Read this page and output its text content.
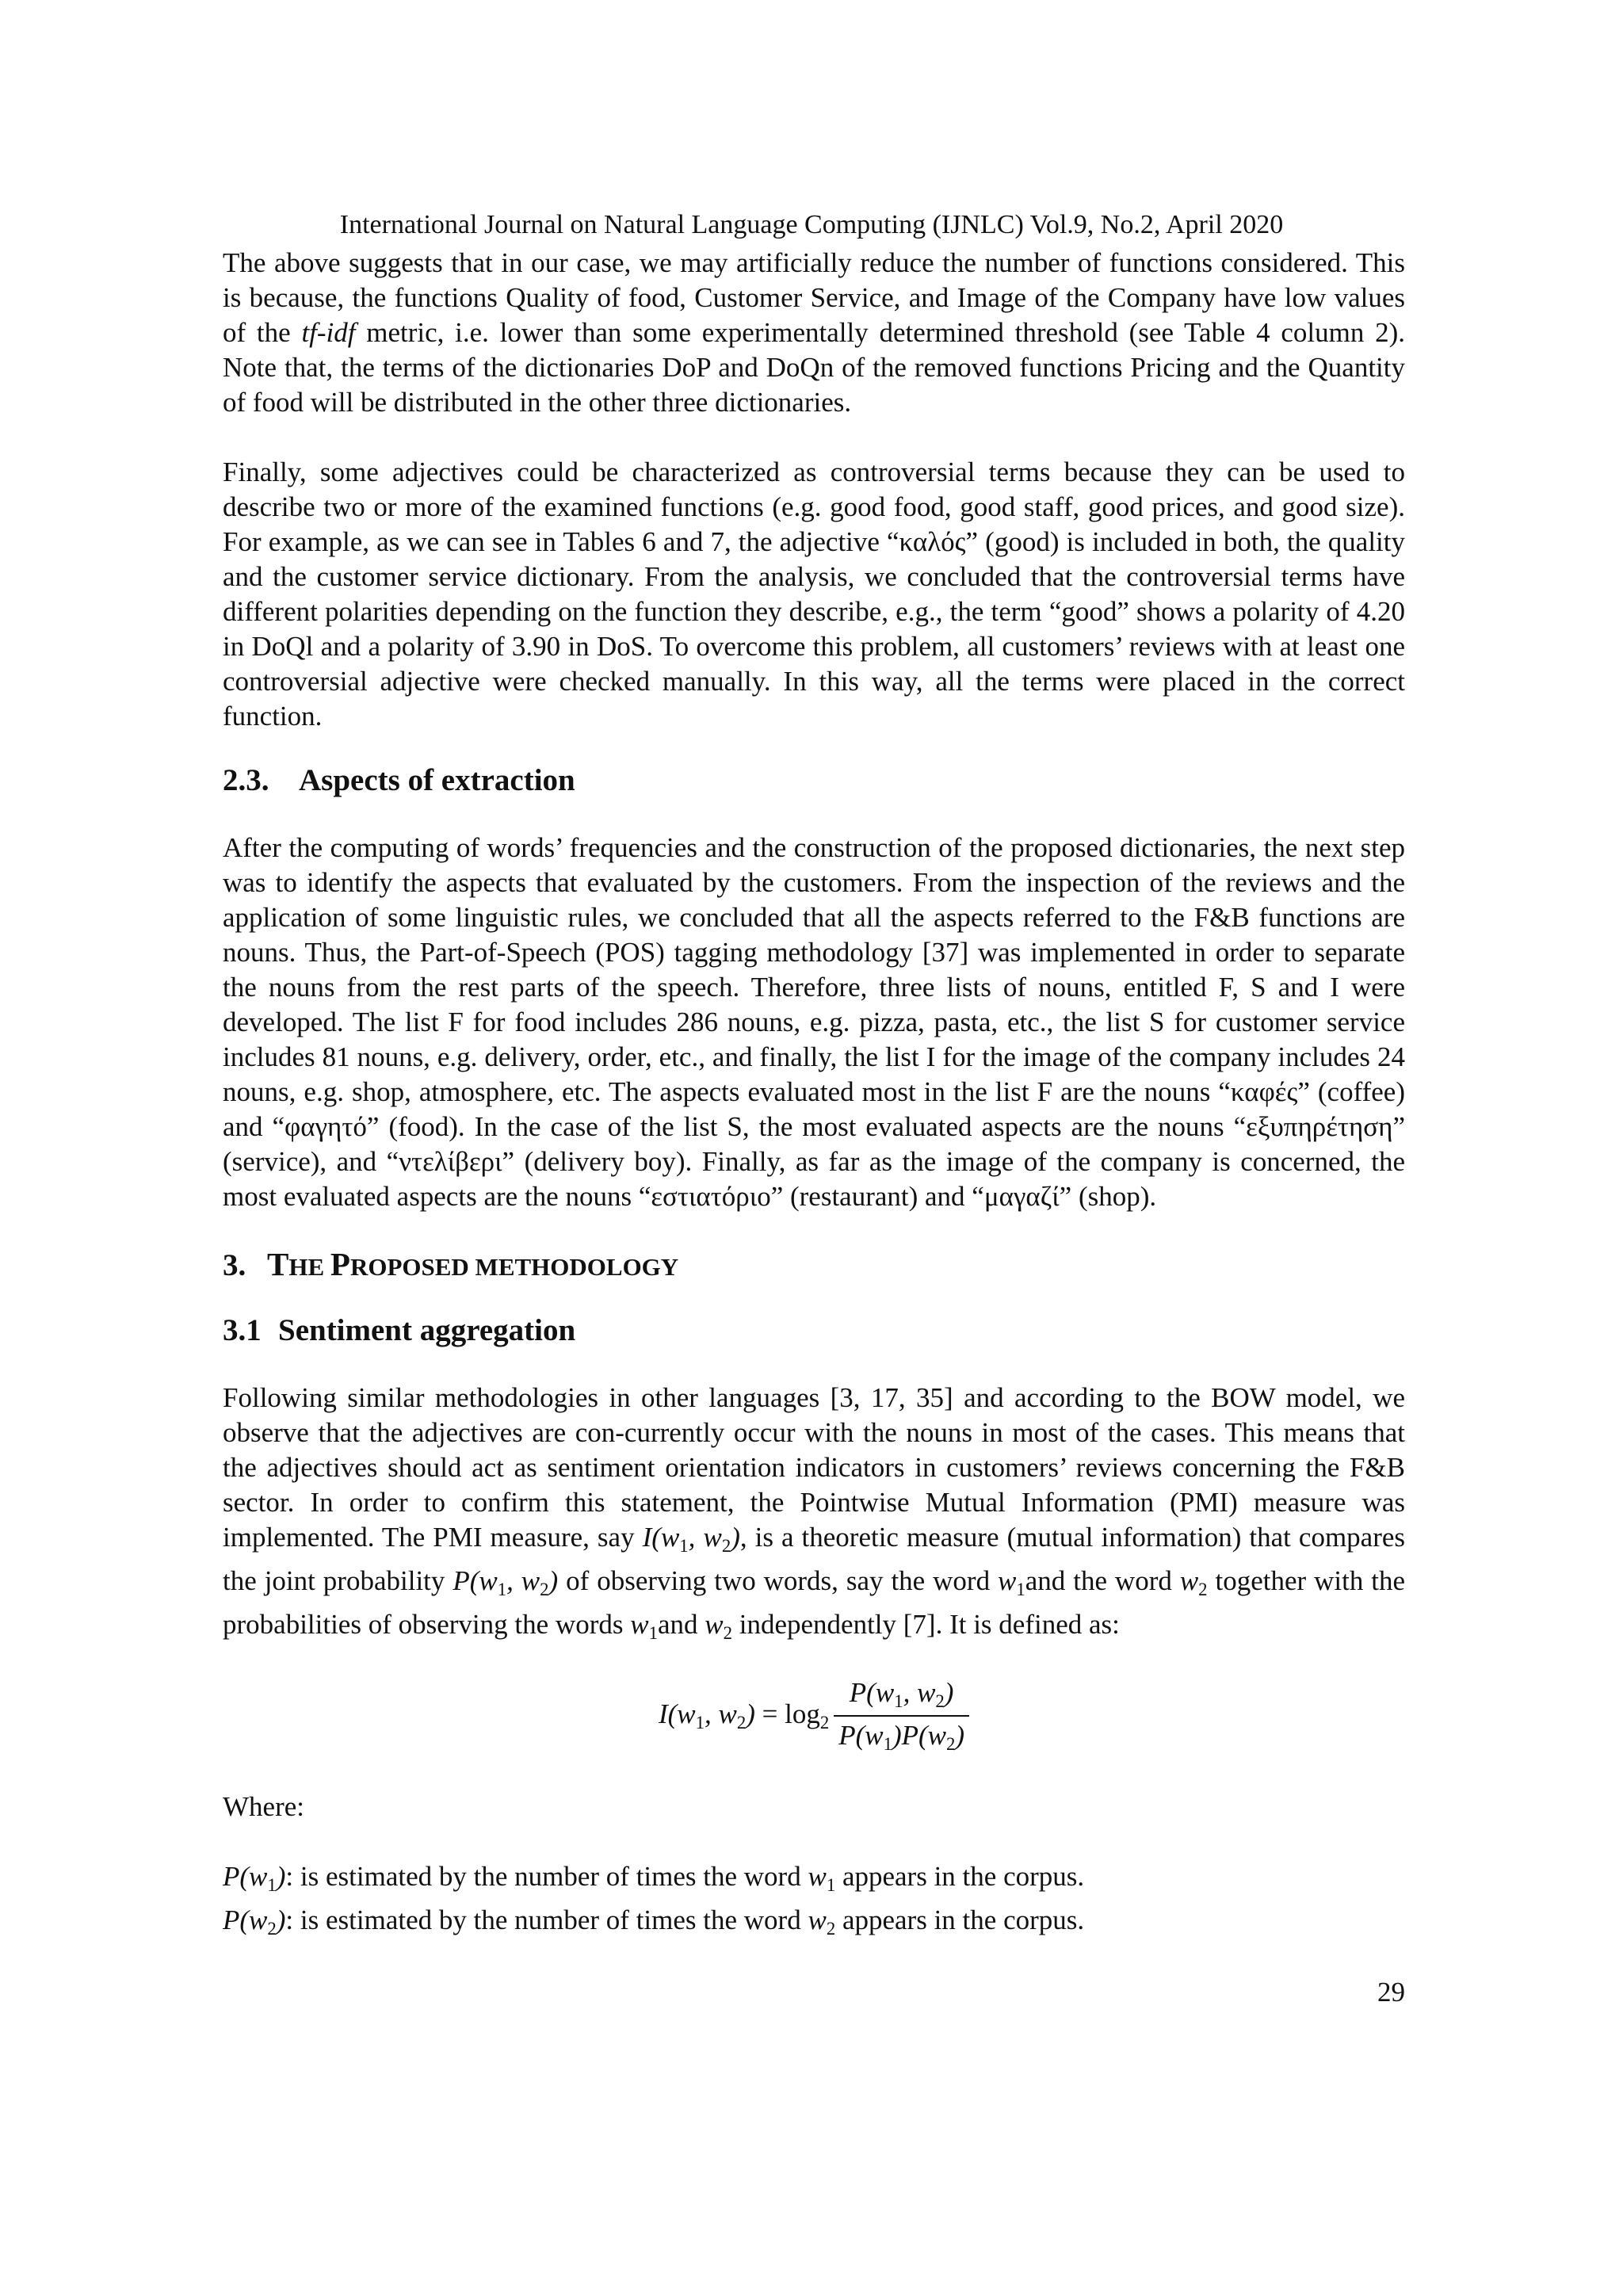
International Journal on Natural Language Computing (IJNLC) Vol.9, No.2, April 2020

The above suggests that in our case, we may artificially reduce the number of functions considered. This is because, the functions Quality of food, Customer Service, and Image of the Company have low values of the tf-idf metric, i.e. lower than some experimentally determined threshold (see Table 4 column 2). Note that, the terms of the dictionaries DoP and DoQn of the removed functions Pricing and the Quantity of food will be distributed in the other three dictionaries.

Finally, some adjectives could be characterized as controversial terms because they can be used to describe two or more of the examined functions (e.g. good food, good staff, good prices, and good size). For example, as we can see in Tables 6 and 7, the adjective “καλός” (good) is included in both, the quality and the customer service dictionary. From the analysis, we concluded that the controversial terms have different polarities depending on the function they describe, e.g., the term “good” shows a polarity of 4.20 in DoQl and a polarity of 3.90 in DoS. To overcome this problem, all customers’ reviews with at least one controversial adjective were checked manually. In this way, all the terms were placed in the correct function.

2.3. Aspects of extraction

After the computing of words’ frequencies and the construction of the proposed dictionaries, the next step was to identify the aspects that evaluated by the customers. From the inspection of the reviews and the application of some linguistic rules, we concluded that all the aspects referred to the F&B functions are nouns. Thus, the Part-of-Speech (POS) tagging methodology [37] was implemented in order to separate the nouns from the rest parts of the speech. Therefore, three lists of nouns, entitled F, S and I were developed. The list F for food includes 286 nouns, e.g. pizza, pasta, etc., the list S for customer service includes 81 nouns, e.g. delivery, order, etc., and finally, the list I for the image of the company includes 24 nouns, e.g. shop, atmosphere, etc. The aspects evaluated most in the list F are the nouns “καφές” (coffee) and “φαγητό” (food). In the case of the list S, the most evaluated aspects are the nouns “εξυπηρέτηση” (service), and “ντελίβερι” (delivery boy). Finally, as far as the image of the company is concerned, the most evaluated aspects are the nouns “εστιατόριο” (restaurant) and “μαγαζί” (shop).

3. THE PROPOSED METHODOLOGY
3.1 Sentiment aggregation

Following similar methodologies in other languages [3, 17, 35] and according to the BOW model, we observe that the adjectives are con-currently occur with the nouns in most of the cases. This means that the adjectives should act as sentiment orientation indicators in customers’ reviews concerning the F&B sector. In order to confirm this statement, the Pointwise Mutual Information (PMI) measure was implemented. The PMI measure, say $I(w_1$, $w_2$), is a theoretic measure (mutual information) that compares the joint probability $P(w_1$, $w_2$) of observing two words, say the word $w_1and$ the word $w_2$ together with the probabilities of observing the words $w_1and$ $w_2$ independently [7]. It is defined as:

$I(w_1$, $w_2) = \log_2 \frac{P(w_1, w_2)}{P(w_1)P(w_2)}$

Where:

$P(w_1)$: is estimated by the number of times the word $w_1$ appears in the corpus.

$P(w_2)$: is estimated by the number of times the word $w_2$ appears in the corpus.

29
